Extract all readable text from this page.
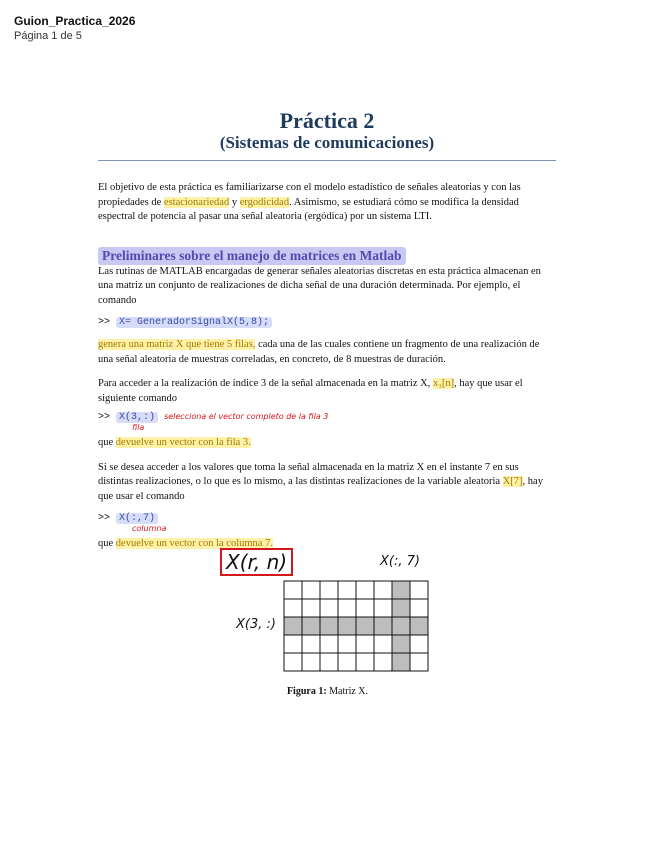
Guion_Practica_2026
Página 1 de 5
Práctica 2
(Sistemas de comunicaciones)

El objetivo de esta práctica es familiarizarse con el modelo estadístico de señales aleatorias y con las propiedades de estacionariedad y ergodicidad. Asimismo, se estudiará cómo se modifica la densidad espectral de potencia al pasar una señal aleatoria (ergódica) por un sistema LTI.

Preliminares sobre el manejo de matrices en Matlab

Las rutinas de MATLAB encargadas de generar señales aleatorias discretas en esta práctica almacenan en una matriz un conjunto de realizaciones de dicha señal de una duración determinada. Por ejemplo, el comando

>> X= GeneradorSignalX(5,8);

genera una matriz X que tiene 5 filas, cada una de las cuales contiene un fragmento de una realización de una señal aleatoria de muestras correladas, en concreto, de 8 muestras de duración.

Para acceder a la realización de índice 3 de la señal almacenada en la matriz X, x₃[n], hay que usar el siguiente comando

>> X(3,:) selecciona el vector completo de la fila 3
fila

que devuelve un vector con la fila 3.

Si se desea acceder a los valores que toma la señal almacenada en la matriz X en el instante 7 en sus distintas realizaciones, o lo que es lo mismo, a las distintas realizaciones de la variable aleatoria X[7], hay que usar el comando

>> X(:,7)
columna

que devuelve un vector con la columna 7.

X(r, n)	X(:, 7)
X(3, :)
Figura 1: Matriz X.
